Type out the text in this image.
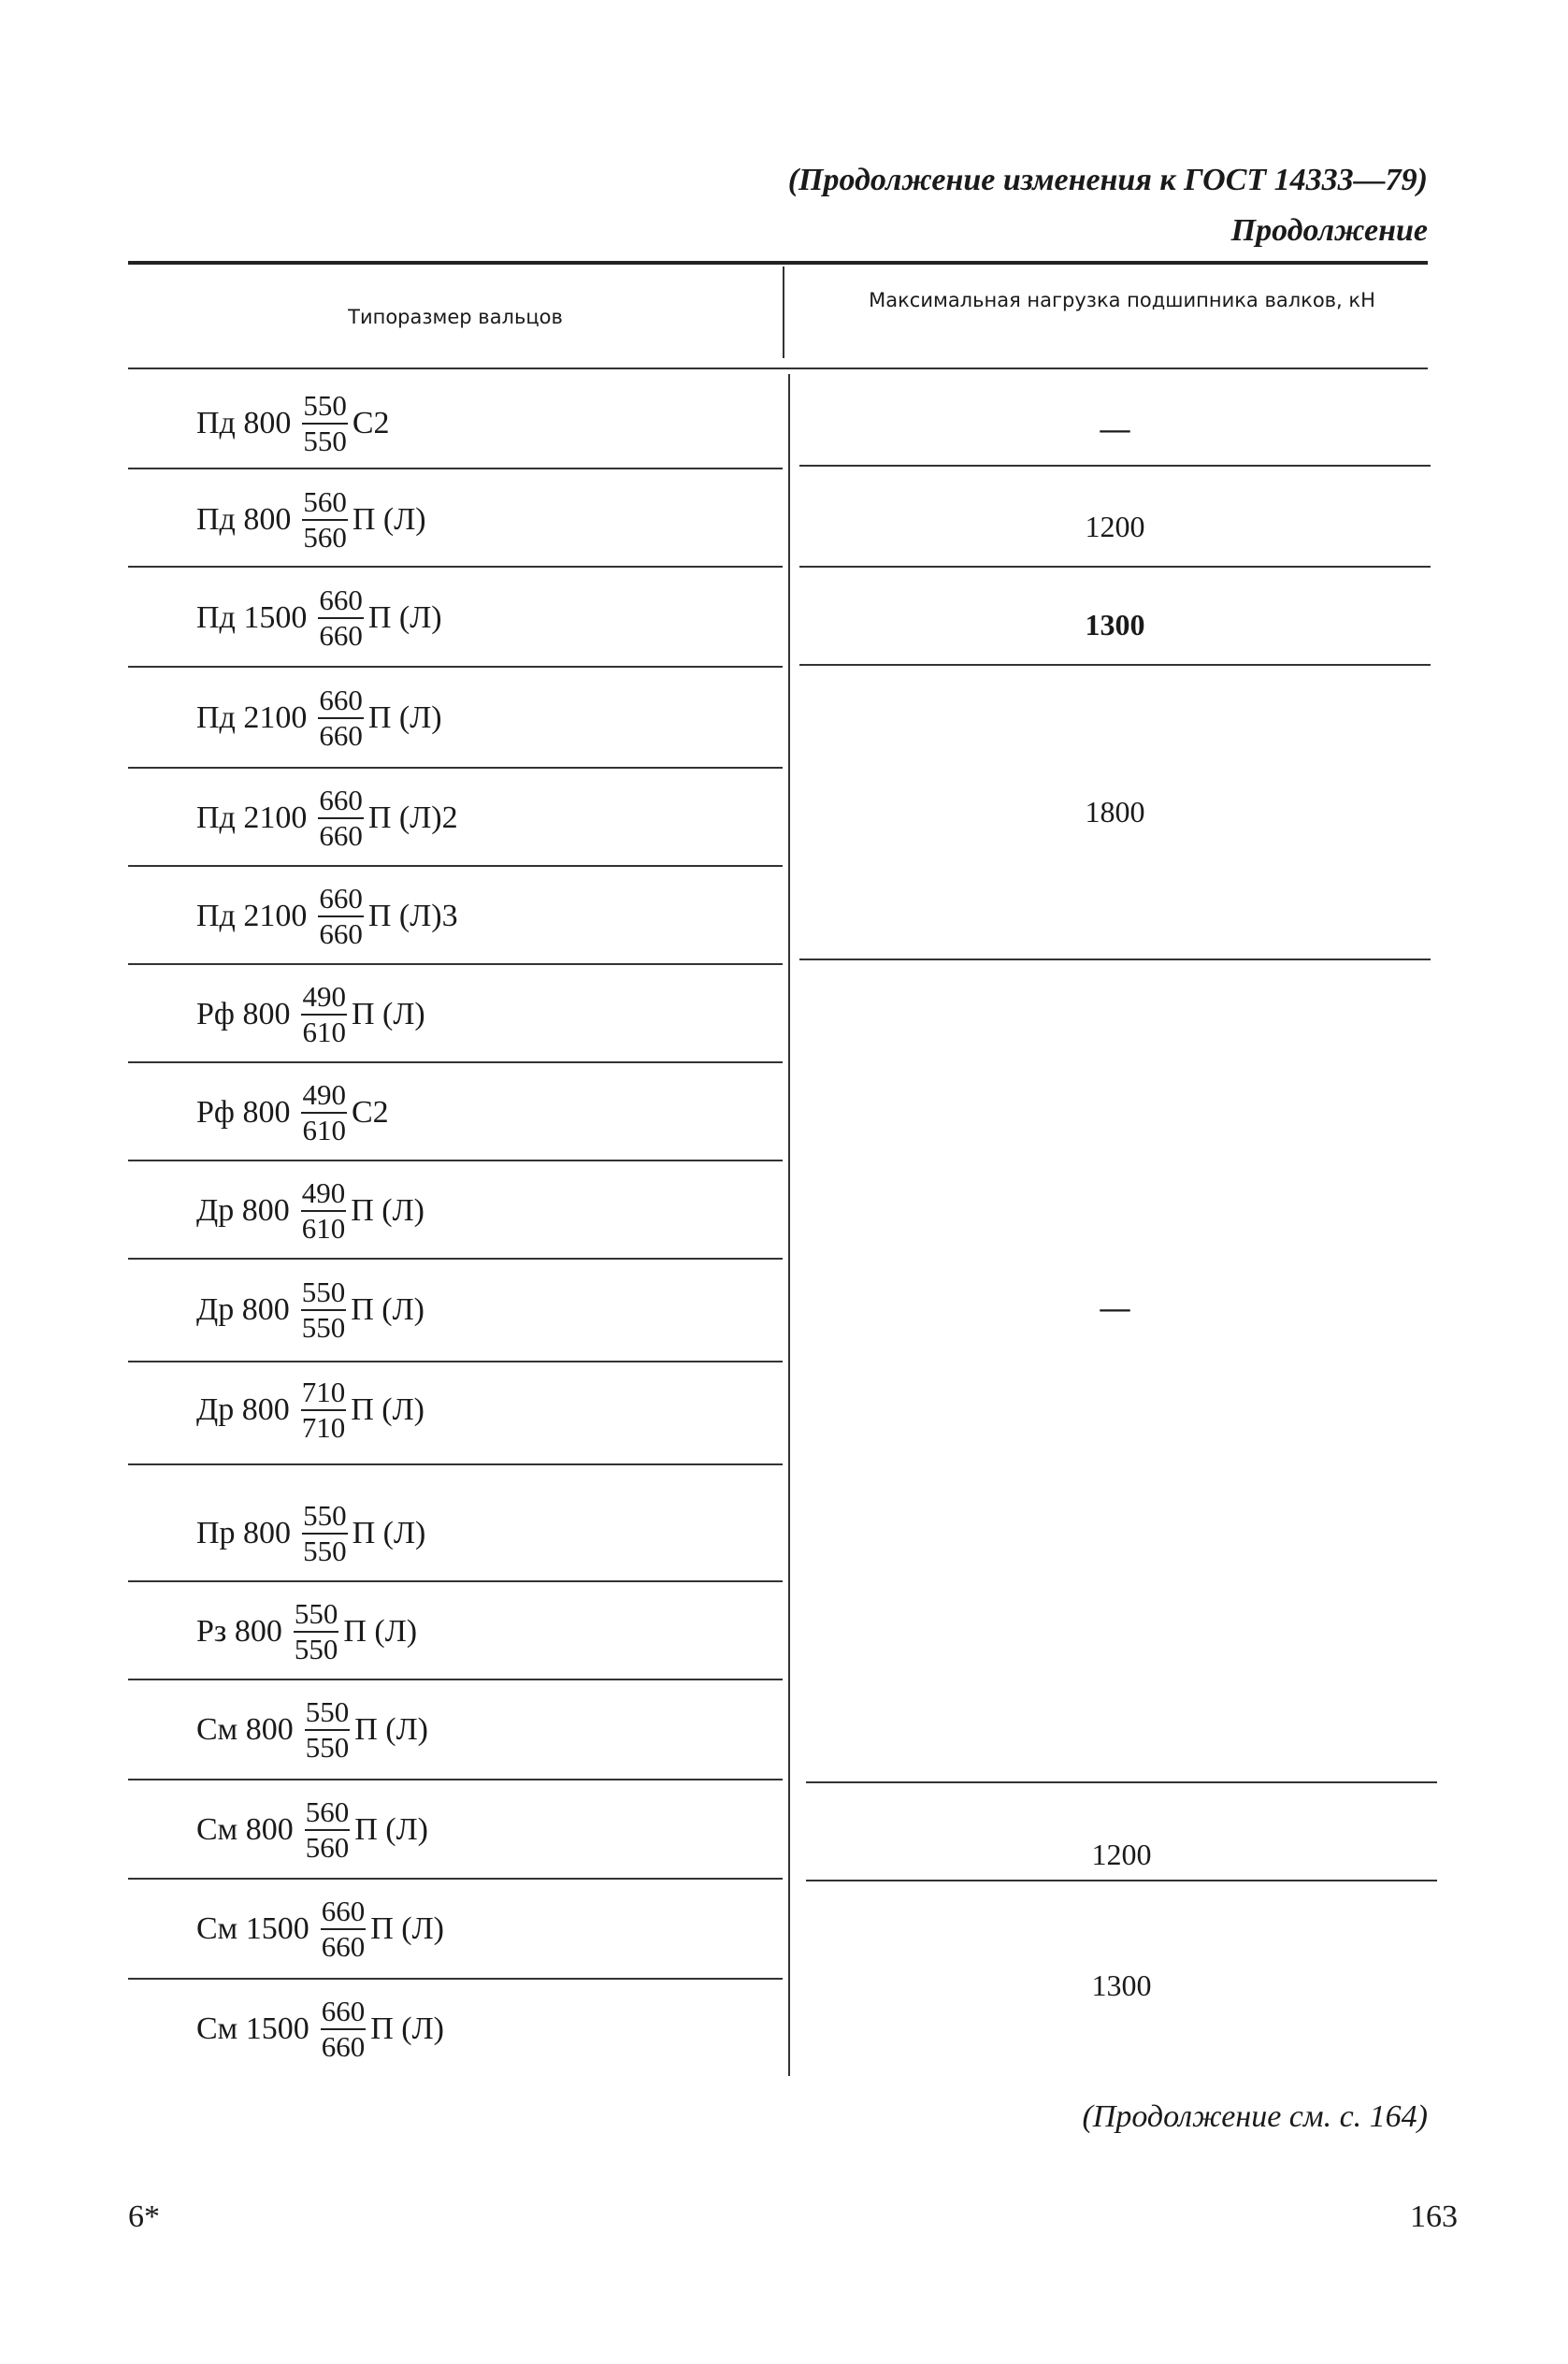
(Продолжение изменения к ГОСТ 14333—79)
Продолжение
Типоразмер вальцов
Максимальная нагрузка подшипника валков, кН
Пд $800 \frac{550}{550} С2$
Пд $800 \frac{560}{560}$ П (Л)
Пд $1500 \frac{660}{660}$ П (Л)
Пд $2100 \frac{660}{660}$ П (Л)
Пд $2100 \frac{660}{660}$ П (Л)2
Пд $2100 \frac{660}{660}$ П (Л)3
Рф $800 \frac{490}{610}$ П (Л)
Рф $800 \frac{490}{610} С2$
Др $800 \frac{490}{610}$ П (Л)
Др $800 \frac{550}{550}$ П (Л)
Др $800 \frac{710}{710}$ П (Л)
Пр $800 \frac{550}{550}$ П (Л)
Рз $800 \frac{550}{550}$ П (Л)
См $800 \frac{550}{550}$ П (Л)
См $800 \frac{560}{560}$ П (Л)
См $1500 \frac{660}{660}$ П (Л)
См $1500 \frac{660}{660}$ П (Л)
—
1200
1300
1800
—
1200
1300
(Продолжение см. с. 164)
6*	163
